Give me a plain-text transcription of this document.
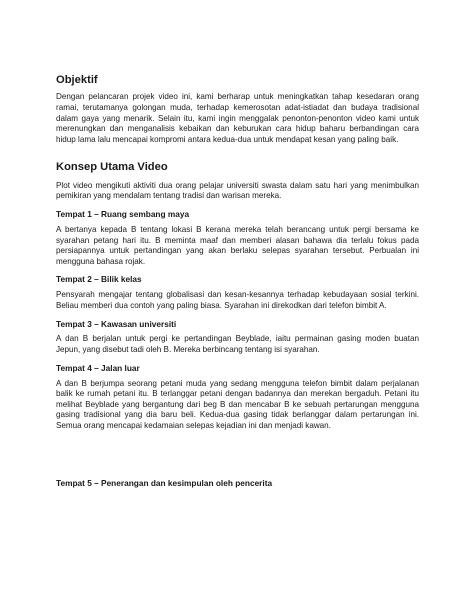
Objektif

Dengan pelancaran projek video ini, kami berharap untuk meningkatkan tahap kesedaran orang ramai, terutamanya golongan muda, terhadap kemerosotan adat-istiadat dan budaya tradisional dalam gaya yang menarik. Selain itu, kami ingin menggalak penonton-penonton video kami untuk merenungkan dan menganalisis kebaikan dan keburukan cara hidup baharu berbandingan cara hidup lama lalu mencapai kompromi antara kedua-dua untuk mendapat kesan yang paling baik.

Konsep Utama Video

Plot video mengikuti aktiviti dua orang pelajar universiti swasta dalam satu hari yang menimbulkan pemikiran yang mendalam tentang tradisi dan warisan mereka.

Tempat 1 – Ruang sembang maya

A bertanya kepada B tentang lokasi B kerana mereka telah berancang untuk pergi bersama ke syarahan petang hari itu. B meminta maaf dan memberi alasan bahawa dia terlalu fokus pada persiapannya untuk pertandingan yang akan berlaku selepas syarahan tersebut. Perbualan ini mengguna bahasa rojak.

Tempat 2 – Bilik kelas

Pensyarah mengajar tentang globalisasi dan kesan-kesannya terhadap kebudayaan sosial terkini. Beliau memberi dua contoh yang paling biasa. Syarahan ini direkodkan dari telefon bimbit A.

Tempat 3 – Kawasan universiti

A dan B berjalan untuk pergi ke pertandingan Beyblade, iaitu permainan gasing moden buatan Jepun, yang disebut tadi oleh B. Mereka berbincang tentang isi syarahan.

Tempat 4 – Jalan luar

A dan B berjumpa seorang petani muda yang sedang mengguna telefon bimbit dalam perjalanan balik ke rumah petani itu. B terlanggar petani dengan badannya dan merekan bergaduh. Petani itu melihat Beyblade yang bergantung dari beg B dan mencabar B ke sebuah pertarungan mengguna gasing tradisional yang dia baru beli. Kedua-dua gasing tidak berlanggar dalam pertarungan ini. Semua orang mencapai kedamaian selepas kejadian ini dan menjadi kawan.

Tempat 5 – Penerangan dan kesimpulan oleh pencerita
